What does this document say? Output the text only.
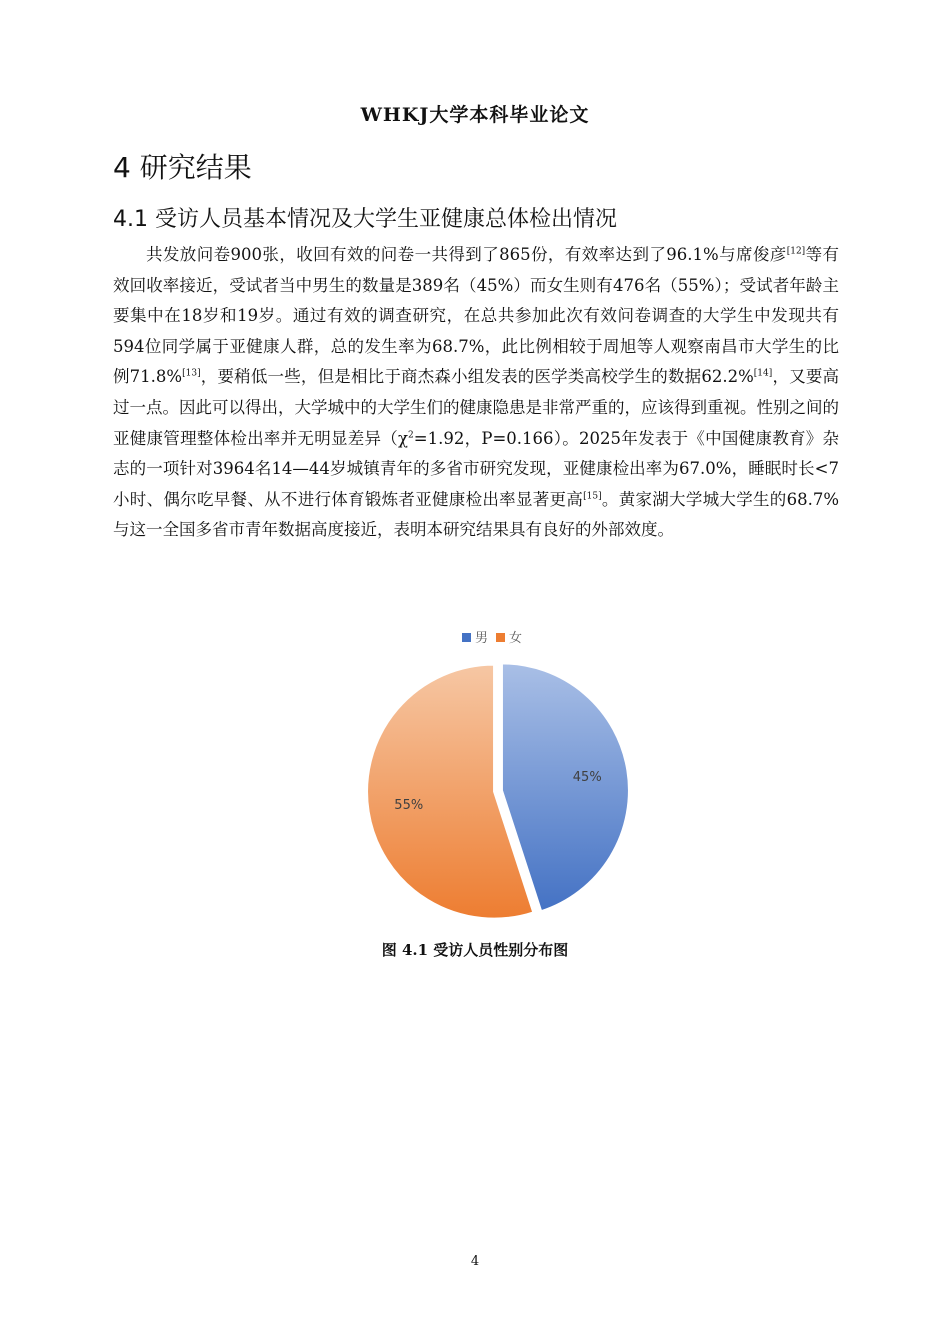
WHKJ大学本科毕业论文
4 研究结果
4.1 受访人员基本情况及大学生亚健康总体检出情况

共发放问卷900张，收回有效的问卷一共得到了865份，有效率达到了96.1%与席俊彦[12]等有效回收率接近，受试者当中男生的数量是389名（45%）而女生则有476名（55%）；受试者年龄主要集中在18岁和19岁。通过有效的调查研究，在总共参加此次有效问卷调查的大学生中发现共有594位同学属于亚健康人群，总的发生率为68.7%，此比例相较于周旭等人观察南昌市大学生的比例71.8%[13]，要稍低一些，但是相比于商杰森小组发表的医学类高校学生的数据62.2%[14]，又要高过一点。因此可以得出，大学城中的大学生们的健康隐患是非常严重的，应该得到重视。性别之间的亚健康管理整体检出率并无明显差异（$\chi^2=1.92$，P=0.166）。2025年发表于《中国健康教育》杂志的一项针对3964名14—44岁城镇青年的多省市研究发现，亚健康检出率为67.0%，睡眠时长<7小时、偶尔吃早餐、从不进行体育锻炼者亚健康检出率显著更高[15]。黄家湖大学城大学生的68.7%与这一全国多省市青年数据高度接近，表明本研究结果具有良好的外部效度。

男 女
45%
55%
图 4.1 受访人员性别分布图
4
